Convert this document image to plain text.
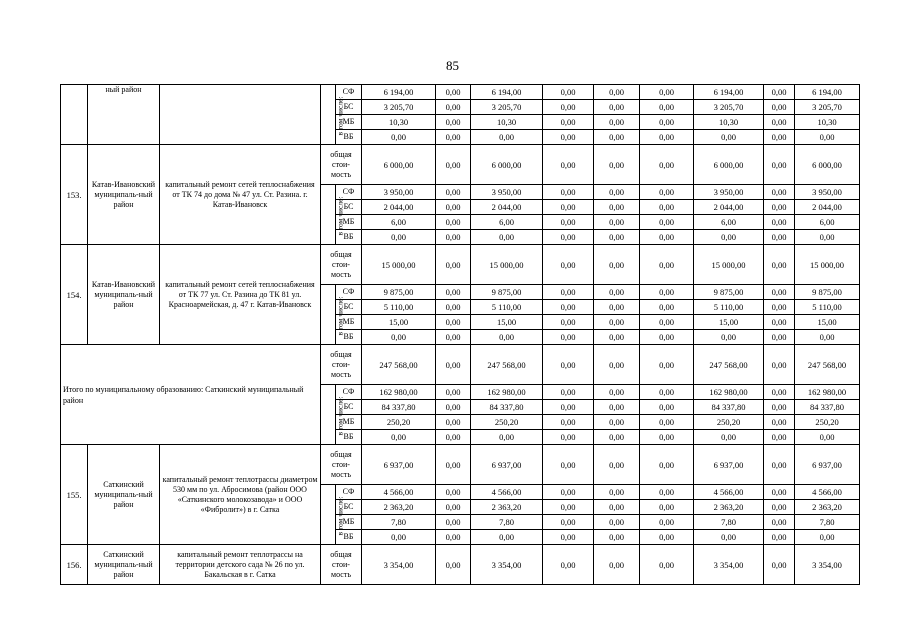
85
	ный район		в том числе:	СФ	6 194,00	0,00	6 194,00	0,00	0,00	0,00	6 194,00	0,00	6 194,00
				БС	3 205,70	0,00	3 205,70	0,00	0,00	0,00	3 205,70	0,00	3 205,70
				МБ	10,30	0,00	10,30	0,00	0,00	0,00	10,30	0,00	10,30
				ВБ	0,00	0,00	0,00	0,00	0,00	0,00	0,00	0,00	0,00
153.	Катав-Ивановский муниципаль-ный район	капитальный ремонт сетей теплоснабжения от ТК 74 до дома № 47 ул. Ст. Разина. г. Катав-Ивановск	общая стои-мость		6 000,00	0,00	6 000,00	0,00	0,00	0,00	6 000,00	0,00	6 000,00
			в том числе:	СФ	3 950,00	0,00	3 950,00	0,00	0,00	0,00	3 950,00	0,00	3 950,00
				БС	2 044,00	0,00	2 044,00	0,00	0,00	0,00	2 044,00	0,00	2 044,00
				МБ	6,00	0,00	6,00	0,00	0,00	0,00	6,00	0,00	6,00
				ВБ	0,00	0,00	0,00	0,00	0,00	0,00	0,00	0,00	0,00
154.	Катав-Ивановский муниципаль-ный район	капитальный ремонт сетей теплоснабжения от ТК 77 ул. Ст. Разина до ТК 81 ул. Красноармейская, д. 47 г. Катав-Ивановск	общая стои-мость		15 000,00	0,00	15 000,00	0,00	0,00	0,00	15 000,00	0,00	15 000,00
			в том числе:	СФ	9 875,00	0,00	9 875,00	0,00	0,00	0,00	9 875,00	0,00	9 875,00
				БС	5 110,00	0,00	5 110,00	0,00	0,00	0,00	5 110,00	0,00	5 110,00
				МБ	15,00	0,00	15,00	0,00	0,00	0,00	15,00	0,00	15,00
				ВБ	0,00	0,00	0,00	0,00	0,00	0,00	0,00	0,00	0,00
Итого по муниципальному образованию: Саткинский муниципальный район			общая стои-мость		247 568,00	0,00	247 568,00	0,00	0,00	0,00	247 568,00	0,00	247 568,00
			в том числе:	СФ	162 980,00	0,00	162 980,00	0,00	0,00	0,00	162 980,00	0,00	162 980,00
				БС	84 337,80	0,00	84 337,80	0,00	0,00	0,00	84 337,80	0,00	84 337,80
				МБ	250,20	0,00	250,20	0,00	0,00	0,00	250,20	0,00	250,20
				ВБ	0,00	0,00	0,00	0,00	0,00	0,00	0,00	0,00	0,00
155.	Саткинский муниципаль-ный район	капитальный ремонт теплотрассы диаметром 530 мм по ул. Абросимова (район ООО «Саткинского молокозавода» и ООО «Фибролит») в г. Сатка	общая стои-мость		6 937,00	0,00	6 937,00	0,00	0,00	0,00	6 937,00	0,00	6 937,00
			в том числе:	СФ	4 566,00	0,00	4 566,00	0,00	0,00	0,00	4 566,00	0,00	4 566,00
				БС	2 363,20	0,00	2 363,20	0,00	0,00	0,00	2 363,20	0,00	2 363,20
				МБ	7,80	0,00	7,80	0,00	0,00	0,00	7,80	0,00	7,80
				ВБ	0,00	0,00	0,00	0,00	0,00	0,00	0,00	0,00	0,00
156.	Саткинский муниципаль-ный район	капитальный ремонт теплотрассы на территории детского сада № 26 по ул. Бакальская в г. Сатка	общая стои-мость		3 354,00	0,00	3 354,00	0,00	0,00	0,00	3 354,00	0,00	3 354,00
